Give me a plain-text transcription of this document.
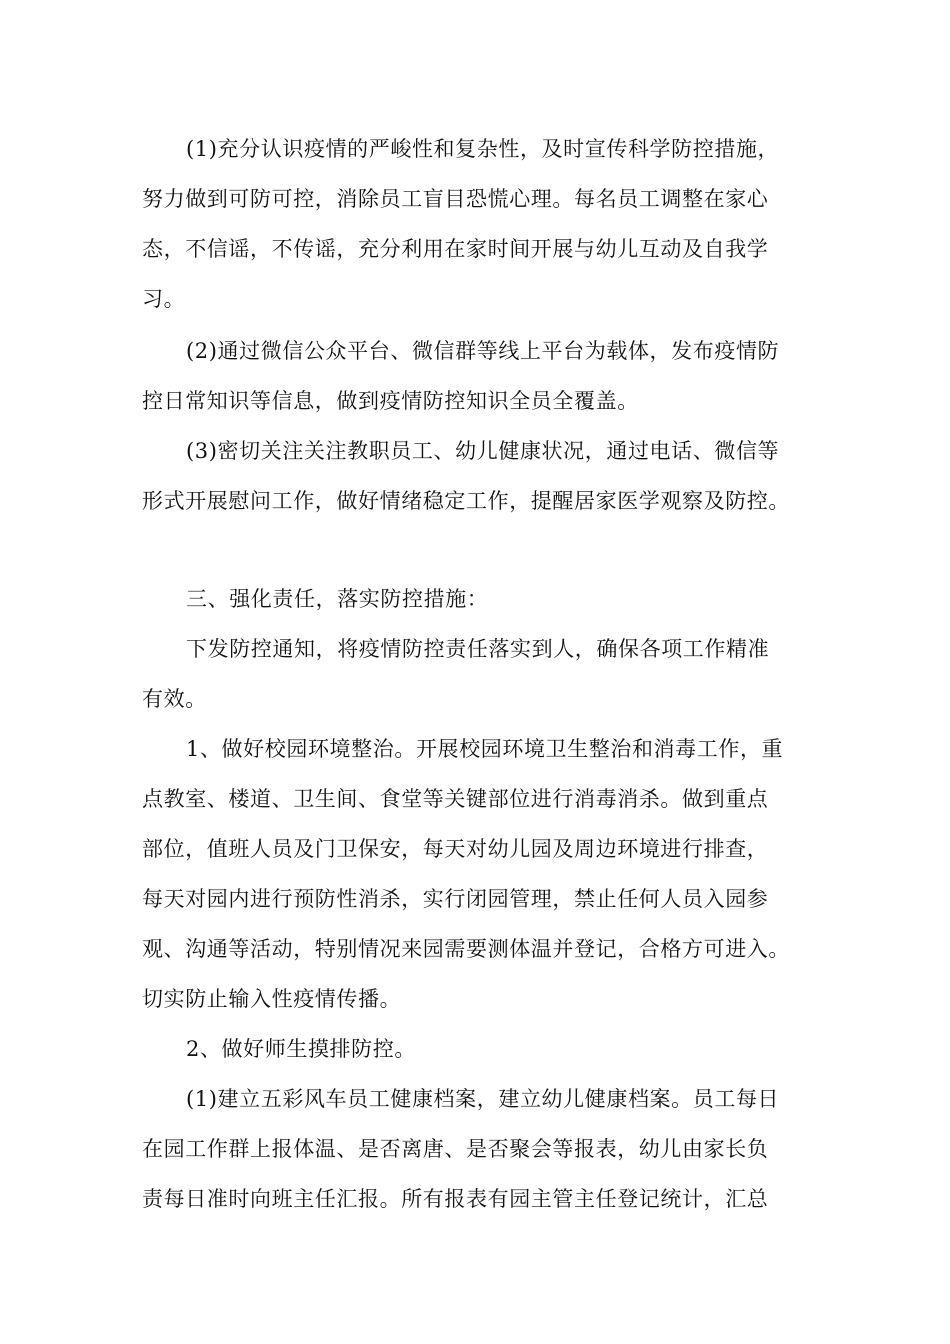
(1)充分认识疫情的严峻性和复杂性，及时宣传科学防控措施，
努力做到可防可控，消除员工盲目恐慌心理。每名员工调整在家心
态，不信谣，不传谣，充分利用在家时间开展与幼儿互动及自我学
习。
(2)通过微信公众平台、微信群等线上平台为载体，发布疫情防
控日常知识等信息，做到疫情防控知识全员全覆盖。
(3)密切关注关注教职员工、幼儿健康状况，通过电话、微信等
形式开展慰问工作，做好情绪稳定工作，提醒居家医学观察及防控。
三、强化责任，落实防控措施：
下发防控通知，将疫情防控责任落实到人，确保各项工作精准
有效。
1、做好校园环境整治。开展校园环境卫生整治和消毒工作，重
点教室、楼道、卫生间、食堂等关键部位进行消毒消杀。做到重点
部位，值班人员及门卫保安，每天对幼儿园及周边环境进行排查，
每天对园内进行预防性消杀，实行闭园管理，禁止任何人员入园参
观、沟通等活动，特别情况来园需要测体温并登记，合格方可进入。
切实防止输入性疫情传播。
2、做好师生摸排防控。
(1)建立五彩风车员工健康档案，建立幼儿健康档案。员工每日
在园工作群上报体温、是否离唐、是否聚会等报表，幼儿由家长负
责每日准时向班主任汇报。所有报表有园主管主任登记统计，汇总
